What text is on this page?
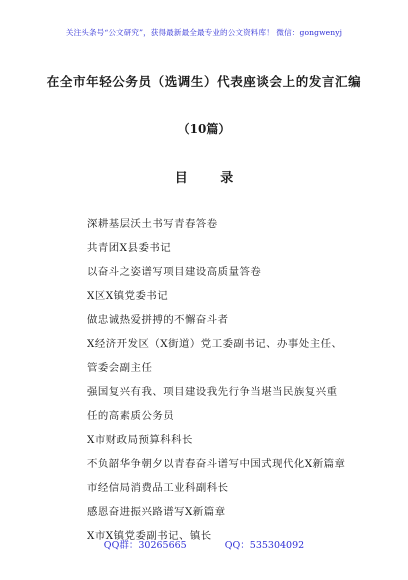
关注头条号“公文研究”，获得最新最全最专业的公文资料库！ 微信：gongwenyj
在全市年轻公务员（选调生）代表座谈会上的发言汇编
（10篇）
目 录
深耕基层沃土书写青春答卷
共青团X县委书记
以奋斗之姿谱写项目建设高质量答卷
X区X镇党委书记
做忠诚热爱拼搏的不懈奋斗者
X经济开发区（X街道）党工委副书记、办事处主任、
管委会副主任
强国复兴有我、项目建设我先行争当堪当民族复兴重
任的高素质公务员
X市财政局预算科科长
不负韶华争朝夕以青春奋斗谱写中国式现代化X新篇章
市经信局消费品工业科副科长
感恩奋进振兴路谱写X新篇章
X市X镇党委副书记、镇长
QQ群：30265665	QQ：535304092
